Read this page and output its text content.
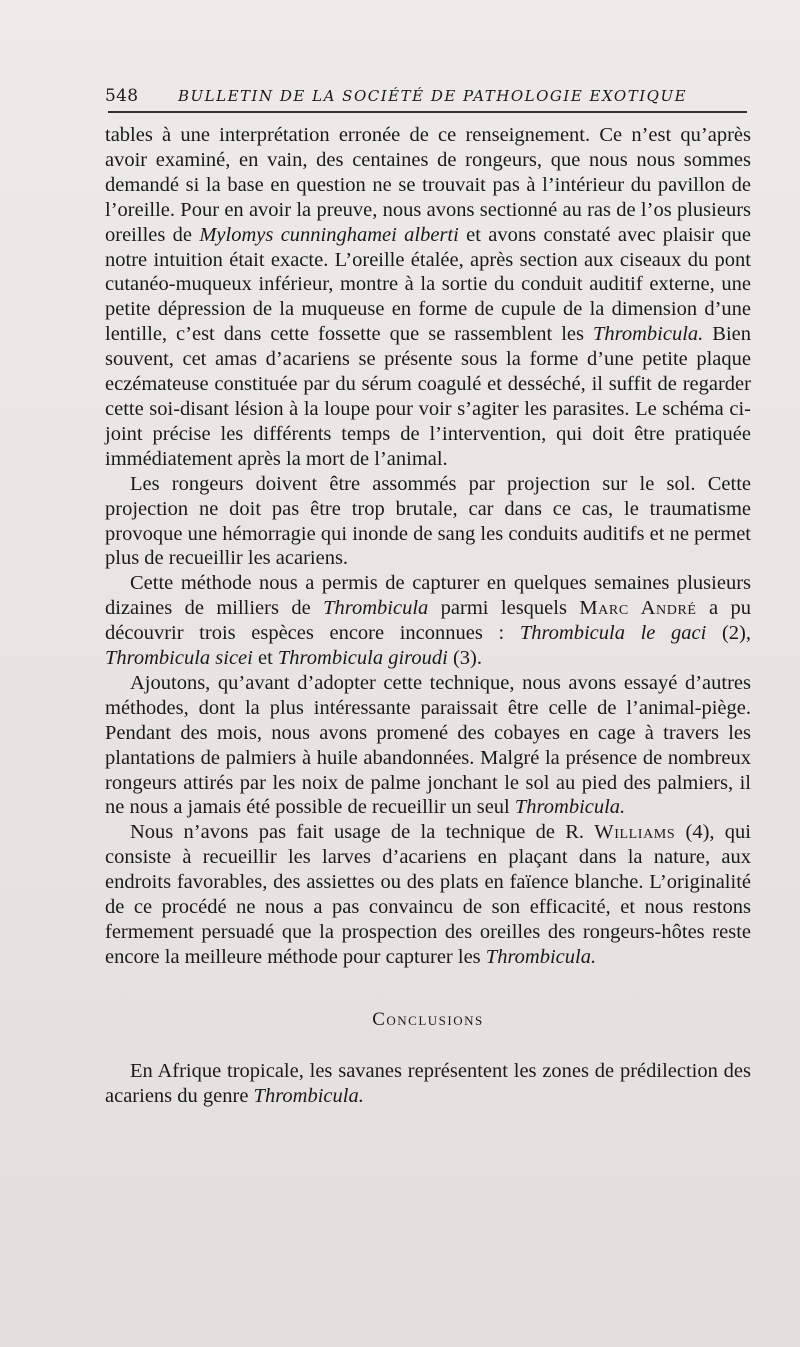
548	BULLETIN DE LA SOCIÉTÉ DE PATHOLOGIE EXOTIQUE

tables à une interprétation erronée de ce renseignement. Ce n’est qu’après avoir examiné, en vain, des centaines de rongeurs, que nous nous sommes demandé si la base en question ne se trouvait pas à l’intérieur du pavillon de l’oreille. Pour en avoir la preuve, nous avons sectionné au ras de l’os plusieurs oreilles de Mylomys cunninghamei alberti et avons constaté avec plaisir que notre intuition était exacte. L’oreille étalée, après section aux ciseaux du pont cutanéo-muqueux inférieur, montre à la sortie du conduit auditif externe, une petite dépression de la muqueuse en forme de cupule de la dimension d’une lentille, c’est dans cette fossette que se rassemblent les Thrombicula. Bien souvent, cet amas d’acariens se présente sous la forme d’une petite plaque eczémateuse constituée par du sérum coagulé et desséché, il suffit de regarder cette soi-disant lésion à la loupe pour voir s’agiter les parasites. Le schéma ci-joint précise les différents temps de l’intervention, qui doit être pratiquée immédiatement après la mort de l’animal.

Les rongeurs doivent être assommés par projection sur le sol. Cette projection ne doit pas être trop brutale, car dans ce cas, le traumatisme provoque une hémorragie qui inonde de sang les conduits auditifs et ne permet plus de recueillir les acariens.

Cette méthode nous a permis de capturer en quelques semaines plusieurs dizaines de milliers de Thrombicula parmi lesquels Marc André a pu découvrir trois espèces encore inconnues : Thrombicula le gaci (2), Thrombicula sicei et Thrombicula giroudi (3).

Ajoutons, qu’avant d’adopter cette technique, nous avons essayé d’autres méthodes, dont la plus intéressante paraissait être celle de l’animal-piège. Pendant des mois, nous avons promené des cobayes en cage à travers les plantations de palmiers à huile abandonnées. Malgré la présence de nombreux rongeurs attirés par les noix de palme jonchant le sol au pied des palmiers, il ne nous a jamais été possible de recueillir un seul Thrombicula.

Nous n’avons pas fait usage de la technique de R. Williams (4), qui consiste à recueillir les larves d’acariens en plaçant dans la nature, aux endroits favorables, des assiettes ou des plats en faïence blanche. L’originalité de ce procédé ne nous a pas convaincu de son efficacité, et nous restons fermement persuadé que la prospection des oreilles des rongeurs-hôtes reste encore la meilleure méthode pour capturer les Thrombicula.

Conclusions

En Afrique tropicale, les savanes représentent les zones de prédilection des acariens du genre Thrombicula.
